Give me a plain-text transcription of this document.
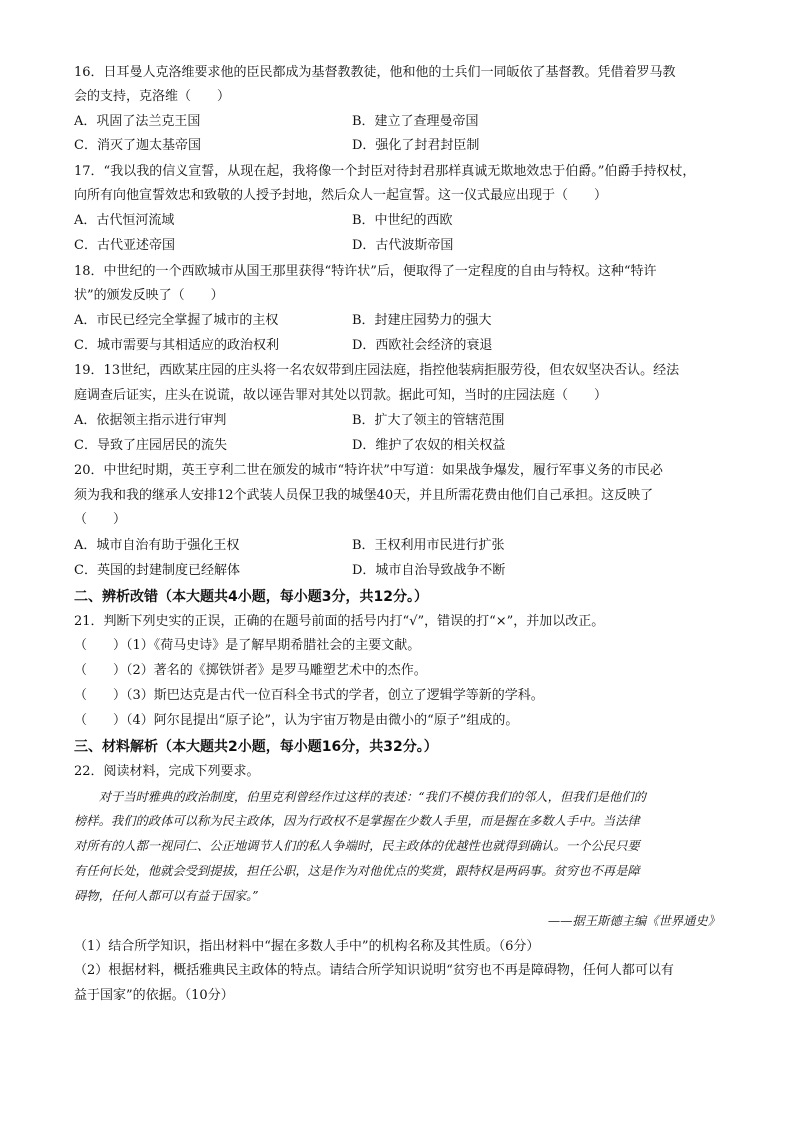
16．日耳曼人克洛维要求他的臣民都成为基督教教徒，他和他的士兵们一同皈依了基督教。凭借着罗马教
会的支持，克洛维（　　）
A．巩固了法兰克王国	B．建立了查理曼帝国
C．消灭了迦太基帝国	D．强化了封君封臣制
17．“我以我的信义宣誓，从现在起，我将像一个封臣对待封君那样真诚无欺地效忠于伯爵。”伯爵手持权杖，
向所有向他宣誓效忠和致敬的人授予封地，然后众人一起宣誓。这一仪式最应出现于（　　）
A．古代恒河流域	B．中世纪的西欧
C．古代亚述帝国	D．古代波斯帝国
18．中世纪的一个西欧城市从国王那里获得“特许状”后，便取得了一定程度的自由与特权。这种“特许
状”的颁发反映了（　　）
A．市民已经完全掌握了城市的主权	B．封建庄园势力的强大
C．城市需要与其相适应的政治权利	D．西欧社会经济的衰退
19．13世纪，西欧某庄园的庄头将一名农奴带到庄园法庭，指控他装病拒服劳役，但农奴坚决否认。经法
庭调查后证实，庄头在说谎，故以诬告罪对其处以罚款。据此可知，当时的庄园法庭（　　）
A．依据领主指示进行审判	B．扩大了领主的管辖范围
C．导致了庄园居民的流失	D．维护了农奴的相关权益
20．中世纪时期，英王亨利二世在颁发的城市“特许状”中写道：如果战争爆发，履行军事义务的市民必
须为我和我的继承人安排12个武装人员保卫我的城堡40天，并且所需花费由他们自己承担。这反映了
（　　）
A．城市自治有助于强化王权	B．王权利用市民进行扩张
C．英国的封建制度已经解体	D．城市自治导致战争不断
二、辨析改错（本大题共4小题，每小题3分，共12分。）
21．判断下列史实的正误，正确的在题号前面的括号内打“√”，错误的打“×”，并加以改正。
（　　）（1）《荷马史诗》是了解早期希腊社会的主要文献。
（　　）（2）著名的《掷铁饼者》是罗马雕塑艺术中的杰作。
（　　）（3）斯巴达克是古代一位百科全书式的学者，创立了逻辑学等新的学科。
（　　）（4）阿尔昆提出“原子论”，认为宇宙万物是由微小的“原子”组成的。
三、材料解析（本大题共2小题，每小题16分，共32分。）
22．阅读材料，完成下列要求。
　　对于当时雅典的政治制度，伯里克利曾经作过这样的表述：“我们不模仿我们的邻人，但我们是他们的
榜样。我们的政体可以称为民主政体，因为行政权不是掌握在少数人手里，而是握在多数人手中。当法律
对所有的人都一视同仁、公正地调节人们的私人争端时，民主政体的优越性也就得到确认。一个公民只要
有任何长处，他就会受到提拔，担任公职，这是作为对他优点的奖赏，跟特权是两码事。贫穷也不再是障
碍物，任何人都可以有益于国家。”
——据王斯德主编《世界通史》
（1）结合所学知识，指出材料中“握在多数人手中”的机构名称及其性质。（6分）
（2）根据材料，概括雅典民主政体的特点。请结合所学知识说明“贫穷也不再是障碍物，任何人都可以有
益于国家”的依据。（10分）
